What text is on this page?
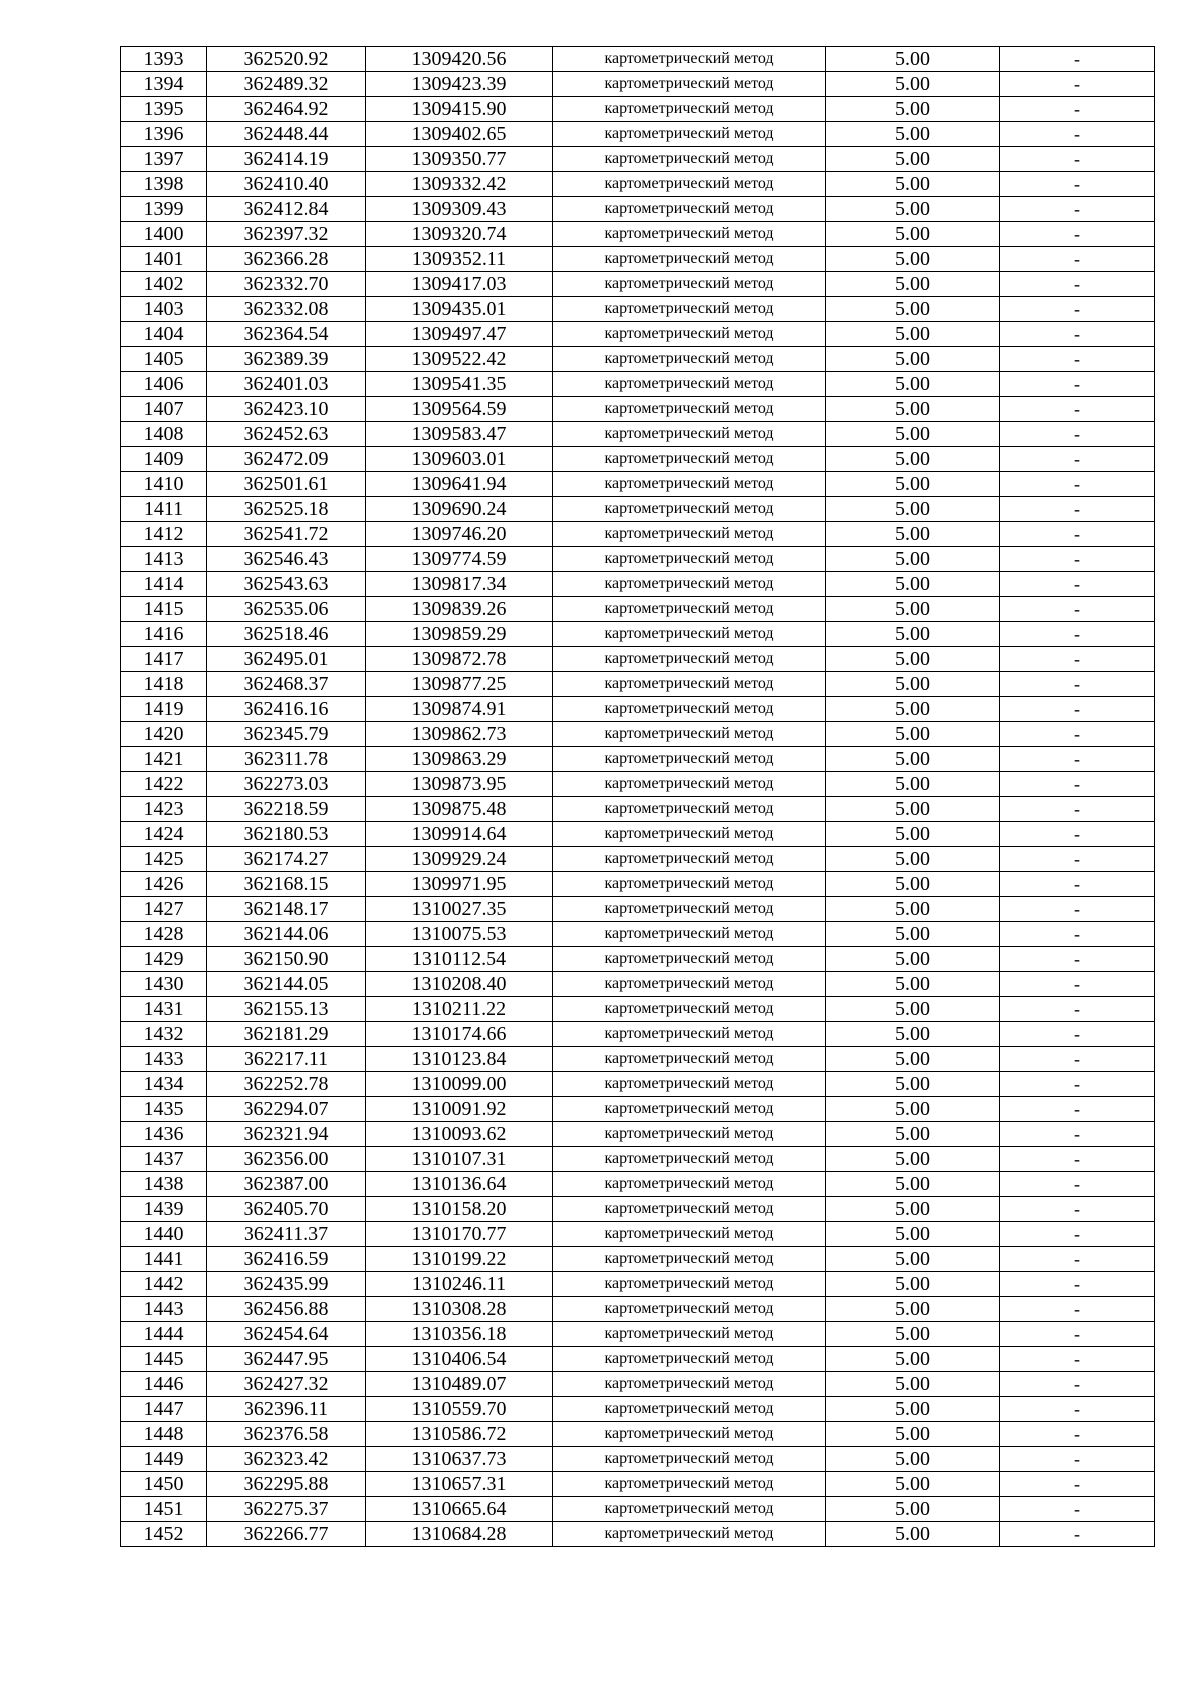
1393	362520.92	1309420.56	картометрический метод	5.00	-
1394	362489.32	1309423.39	картометрический метод	5.00	-
1395	362464.92	1309415.90	картометрический метод	5.00	-
1396	362448.44	1309402.65	картометрический метод	5.00	-
1397	362414.19	1309350.77	картометрический метод	5.00	-
1398	362410.40	1309332.42	картометрический метод	5.00	-
1399	362412.84	1309309.43	картометрический метод	5.00	-
1400	362397.32	1309320.74	картометрический метод	5.00	-
1401	362366.28	1309352.11	картометрический метод	5.00	-
1402	362332.70	1309417.03	картометрический метод	5.00	-
1403	362332.08	1309435.01	картометрический метод	5.00	-
1404	362364.54	1309497.47	картометрический метод	5.00	-
1405	362389.39	1309522.42	картометрический метод	5.00	-
1406	362401.03	1309541.35	картометрический метод	5.00	-
1407	362423.10	1309564.59	картометрический метод	5.00	-
1408	362452.63	1309583.47	картометрический метод	5.00	-
1409	362472.09	1309603.01	картометрический метод	5.00	-
1410	362501.61	1309641.94	картометрический метод	5.00	-
1411	362525.18	1309690.24	картометрический метод	5.00	-
1412	362541.72	1309746.20	картометрический метод	5.00	-
1413	362546.43	1309774.59	картометрический метод	5.00	-
1414	362543.63	1309817.34	картометрический метод	5.00	-
1415	362535.06	1309839.26	картометрический метод	5.00	-
1416	362518.46	1309859.29	картометрический метод	5.00	-
1417	362495.01	1309872.78	картометрический метод	5.00	-
1418	362468.37	1309877.25	картометрический метод	5.00	-
1419	362416.16	1309874.91	картометрический метод	5.00	-
1420	362345.79	1309862.73	картометрический метод	5.00	-
1421	362311.78	1309863.29	картометрический метод	5.00	-
1422	362273.03	1309873.95	картометрический метод	5.00	-
1423	362218.59	1309875.48	картометрический метод	5.00	-
1424	362180.53	1309914.64	картометрический метод	5.00	-
1425	362174.27	1309929.24	картометрический метод	5.00	-
1426	362168.15	1309971.95	картометрический метод	5.00	-
1427	362148.17	1310027.35	картометрический метод	5.00	-
1428	362144.06	1310075.53	картометрический метод	5.00	-
1429	362150.90	1310112.54	картометрический метод	5.00	-
1430	362144.05	1310208.40	картометрический метод	5.00	-
1431	362155.13	1310211.22	картометрический метод	5.00	-
1432	362181.29	1310174.66	картометрический метод	5.00	-
1433	362217.11	1310123.84	картометрический метод	5.00	-
1434	362252.78	1310099.00	картометрический метод	5.00	-
1435	362294.07	1310091.92	картометрический метод	5.00	-
1436	362321.94	1310093.62	картометрический метод	5.00	-
1437	362356.00	1310107.31	картометрический метод	5.00	-
1438	362387.00	1310136.64	картометрический метод	5.00	-
1439	362405.70	1310158.20	картометрический метод	5.00	-
1440	362411.37	1310170.77	картометрический метод	5.00	-
1441	362416.59	1310199.22	картометрический метод	5.00	-
1442	362435.99	1310246.11	картометрический метод	5.00	-
1443	362456.88	1310308.28	картометрический метод	5.00	-
1444	362454.64	1310356.18	картометрический метод	5.00	-
1445	362447.95	1310406.54	картометрический метод	5.00	-
1446	362427.32	1310489.07	картометрический метод	5.00	-
1447	362396.11	1310559.70	картометрический метод	5.00	-
1448	362376.58	1310586.72	картометрический метод	5.00	-
1449	362323.42	1310637.73	картометрический метод	5.00	-
1450	362295.88	1310657.31	картометрический метод	5.00	-
1451	362275.37	1310665.64	картометрический метод	5.00	-
1452	362266.77	1310684.28	картометрический метод	5.00	-
